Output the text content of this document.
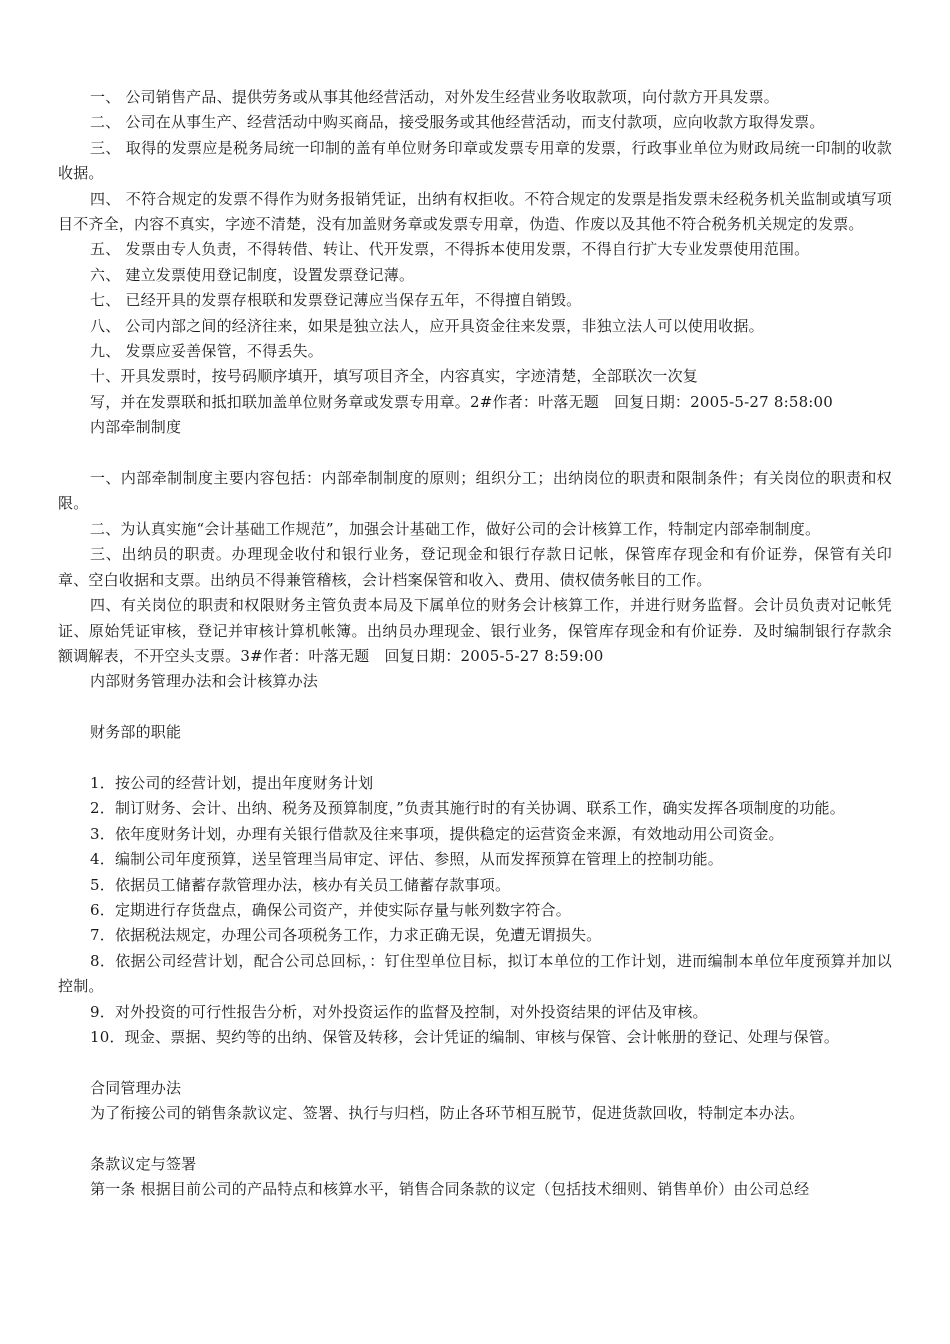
一、 公司销售产品、提供劳务或从事其他经营活动，对外发生经营业务收取款项，向付款方开具发票。

二、 公司在从事生产、经营活动中购买商品，接受服务或其他经营活动，而支付款项，应向收款方取得发票。

三、 取得的发票应是税务局统一印制的盖有单位财务印章或发票专用章的发票，行政事业单位为财政局统一印制的收款收据。

四、 不符合规定的发票不得作为财务报销凭证，出纳有权拒收。不符合规定的发票是指发票未经税务机关监制或填写项目不齐全，内容不真实，字迹不清楚，没有加盖财务章或发票专用章，伪造、作废以及其他不符合税务机关规定的发票。

五、 发票由专人负责，不得转借、转让、代开发票，不得拆本使用发票，不得自行扩大专业发票使用范围。

六、 建立发票使用登记制度，设置发票登记薄。

七、 已经开具的发票存根联和发票登记薄应当保存五年，不得擅自销毁。

八、 公司内部之间的经济往来，如果是独立法人，应开具资金往来发票，非独立法人可以使用收据。

九、 发票应妥善保管，不得丢失。

十、开具发票时，按号码顺序填开，填写项目齐全，内容真实，字迹清楚，全部联次一次复

写，并在发票联和抵扣联加盖单位财务章或发票专用章。2#作者：叶落无题　回复日期：2005-5-27 8:58:00

内部牵制制度

一、内部牵制制度主要内容包括：内部牵制制度的原则；组织分工；出纳岗位的职责和限制条件；有关岗位的职责和权限。

二、为认真实施“会计基础工作规范”，加强会计基础工作，做好公司的会计核算工作，特制定内部牵制制度。

三、出纳员的职责。办理现金收付和银行业务，登记现金和银行存款日记帐，保管库存现金和有价证券，保管有关印章、空白收据和支票。出纳员不得兼管稽核，会计档案保管和收入、费用、债权债务帐目的工作。

四、有关岗位的职责和权限财务主管负责本局及下属单位的财务会计核算工作，并进行财务监督。会计员负责对记帐凭证、原始凭证审核，登记并审核计算机帐簿。出纳员办理现金、银行业务，保管库存现金和有价证券．及时编制银行存款余额调解表，不开空头支票。3#作者：叶落无题　回复日期：2005-5-27 8:59:00

内部财务管理办法和会计核算办法

财务部的职能

1．按公司的经营计划，提出年度财务计划

2．制订财务、会计、出纳、税务及预算制度，”负责其施行时的有关协调、联系工作，确实发挥各项制度的功能。

3．依年度财务计划，办理有关银行借款及往来事项，提供稳定的运营资金来源，有效地动用公司资金。

4．编制公司年度预算，送呈管理当局审定、评估、参照，从而发挥预算在管理上的控制功能。

5．依据员工储蓄存款管理办法，核办有关员工储蓄存款事项。

6．定期进行存货盘点，确保公司资产，并使实际存量与帐列数字符合。

7．依据税法规定，办理公司各项税务工作，力求正确无误，免遭无谓损失。

8．依据公司经营计划，配合公司总回标，：钉住型单位目标，拟订本单位的工作计划，进而编制本单位年度预算并加以控制。

9．对外投资的可行性报告分析，对外投资运作的监督及控制，对外投资结果的评估及审核。

10．现金、票据、契约等的出纳、保管及转移，会计凭证的编制、审核与保管、会计帐册的登记、处理与保管。

合同管理办法

为了衔接公司的销售条款议定、签署、执行与归档，防止各环节相互脱节，促进货款回收，特制定本办法。

条款议定与签署

第一条 根据目前公司的产品特点和核算水平，销售合同条款的议定（包括技术细则、销售单价）由公司总经
